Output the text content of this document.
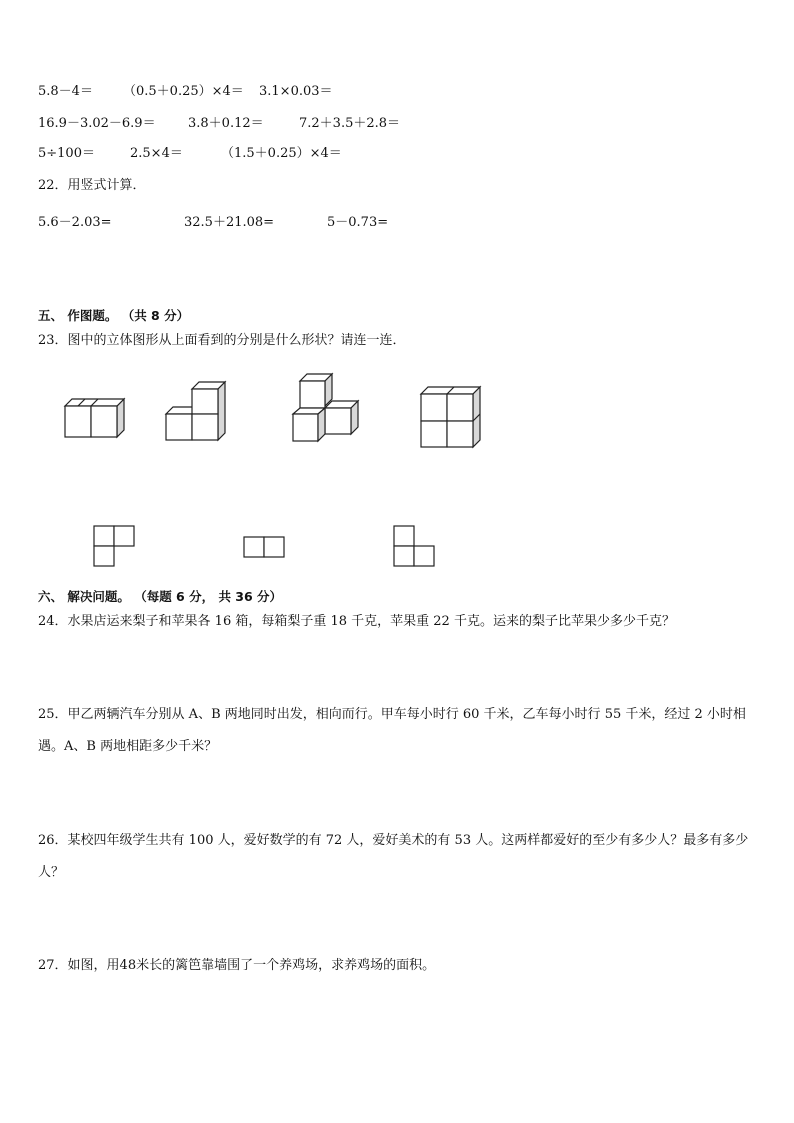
5.8－4＝ （0.5＋0.25）×4＝ 3.1×0.03＝
16.9－3.02－6.9＝ 3.8＋0.12＝	7.2＋3.5＋2.8＝
5÷100＝	2.5×4＝	（1.5＋0.25）×4＝
22．用竖式计算．
5.6－2.03=	32.5＋21.08=	5－0.73=
五、 作图题。 （共 8 分）
23．图中的立体图形从上面看到的分别是什么形状？请连一连．
六、 解决问题。 （每题 6 分， 共 36 分）
24．水果店运来梨子和苹果各 16 箱，每箱梨子重 18 千克，苹果重 22 千克。运来的梨子比苹果少多少千克？
25．甲乙两辆汽车分别从 A、B 两地同时出发，相向而行。甲车每小时行 60 千米，乙车每小时行 55 千米，经过 2 小时相遇。A、B 两地相距多少千米？
26．某校四年级学生共有 100 人，爱好数学的有 72 人，爱好美术的有 53 人。这两样都爱好的至少有多少人？最多有多少人？
27．如图，用48米长的篱笆靠墙围了一个养鸡场，求养鸡场的面积。
